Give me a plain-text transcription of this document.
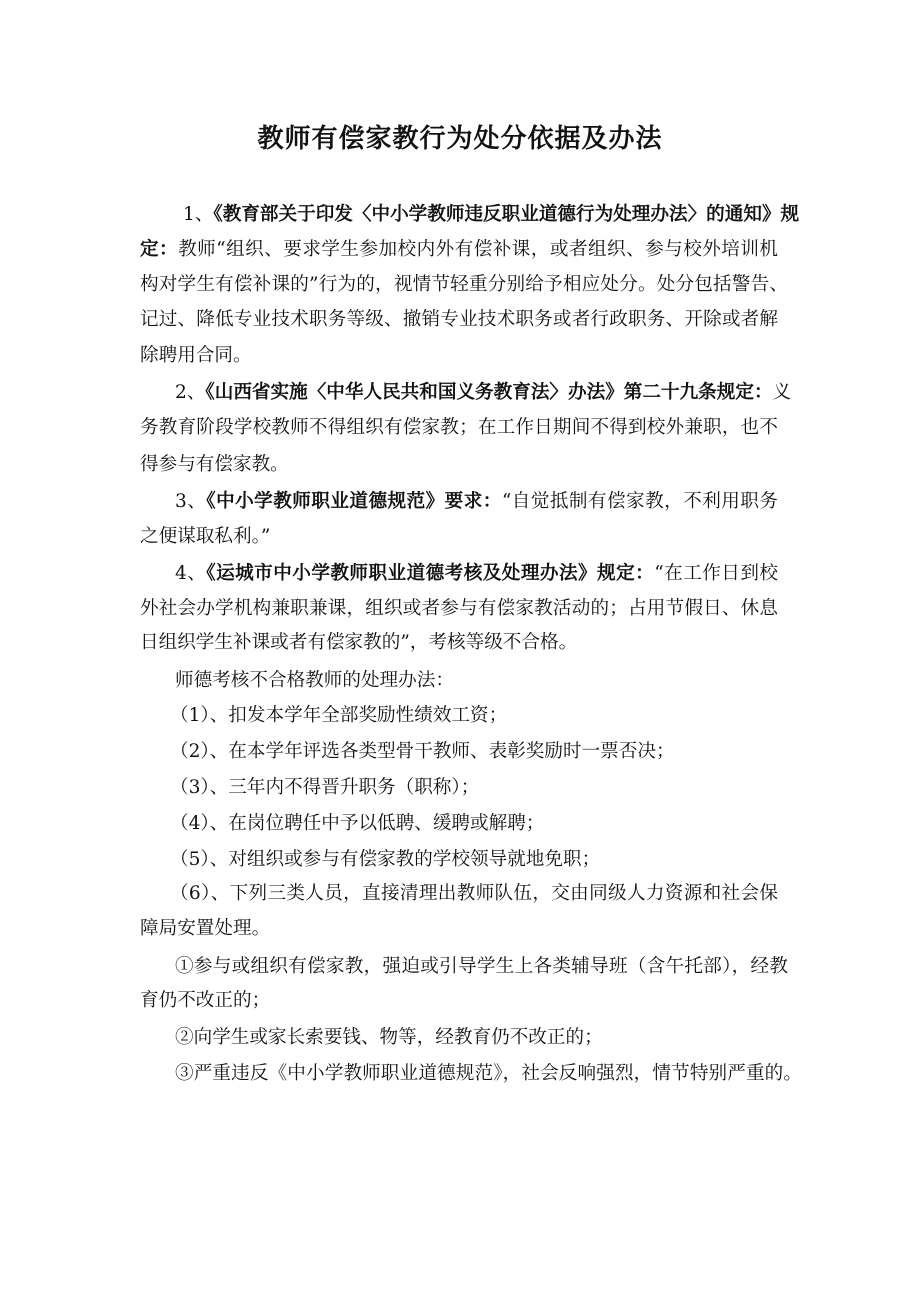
教师有偿家教行为处分依据及办法
1、《教育部关于印发〈中小学教师违反职业道德行为处理办法〉的通知》规
定：教师“组织、要求学生参加校内外有偿补课，或者组织、参与校外培训机
构对学生有偿补课的”行为的，视情节轻重分别给予相应处分。处分包括警告、
记过、降低专业技术职务等级、撤销专业技术职务或者行政职务、开除或者解
除聘用合同。
2、《山西省实施〈中华人民共和国义务教育法〉办法》第二十九条规定：义
务教育阶段学校教师不得组织有偿家教；在工作日期间不得到校外兼职，也不
得参与有偿家教。
3、《中小学教师职业道德规范》要求：“自觉抵制有偿家教，不利用职务
之便谋取私利。”
4、《运城市中小学教师职业道德考核及处理办法》规定：“在工作日到校
外社会办学机构兼职兼课，组织或者参与有偿家教活动的；占用节假日、休息
日组织学生补课或者有偿家教的”，考核等级不合格。
师德考核不合格教师的处理办法：
（1）、扣发本学年全部奖励性绩效工资；
（2）、在本学年评选各类型骨干教师、表彰奖励时一票否决；
（3）、三年内不得晋升职务（职称）；
（4）、在岗位聘任中予以低聘、缓聘或解聘；
（5）、对组织或参与有偿家教的学校领导就地免职；
（6）、下列三类人员，直接清理出教师队伍，交由同级人力资源和社会保
障局安置处理。
①参与或组织有偿家教，强迫或引导学生上各类辅导班（含午托部），经教
育仍不改正的；
②向学生或家长索要钱、物等，经教育仍不改正的；
③严重违反《中小学教师职业道德规范》，社会反响强烈，情节特别严重的。
